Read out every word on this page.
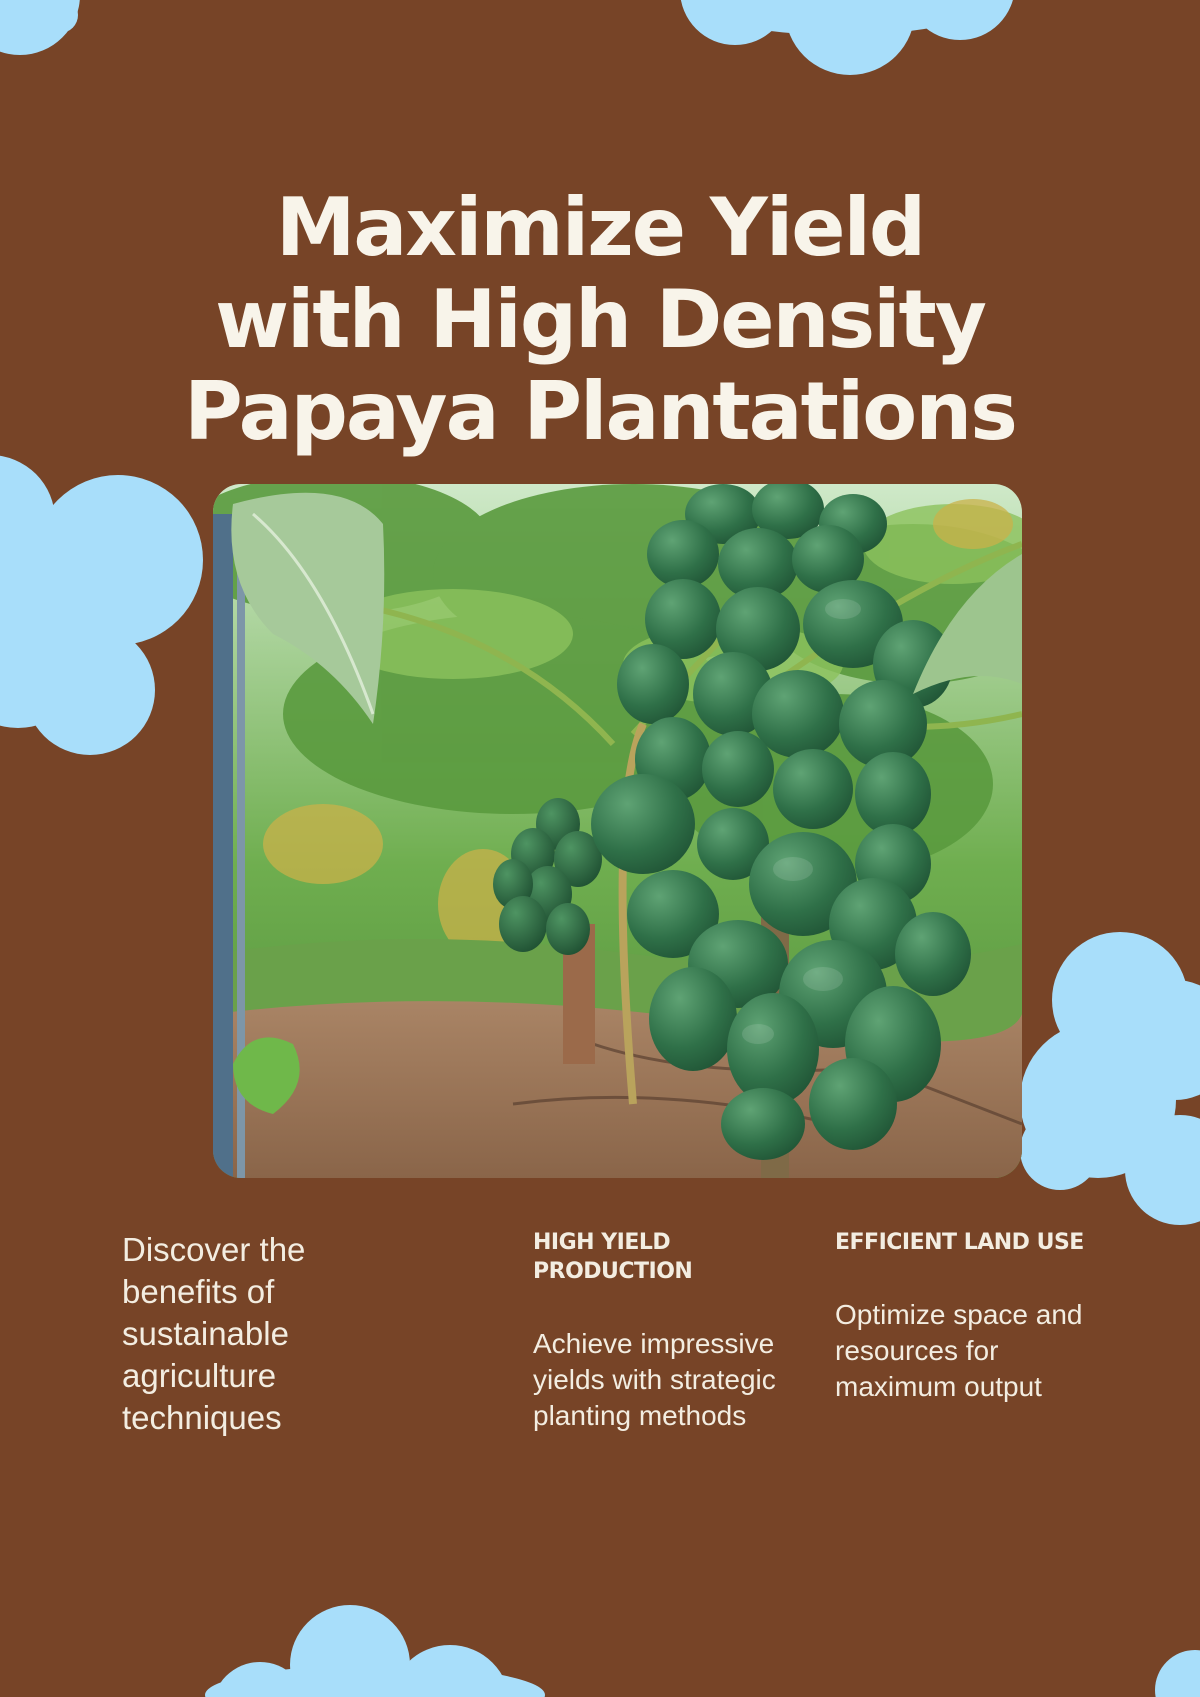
Maximize Yield
with High Density
Papaya Plantations

Discover the benefits of sustainable agriculture techniques

HIGH YIELD PRODUCTION

Achieve impressive yields with strategic planting methods

EFFICIENT LAND USE

Optimize space and resources for maximum output
